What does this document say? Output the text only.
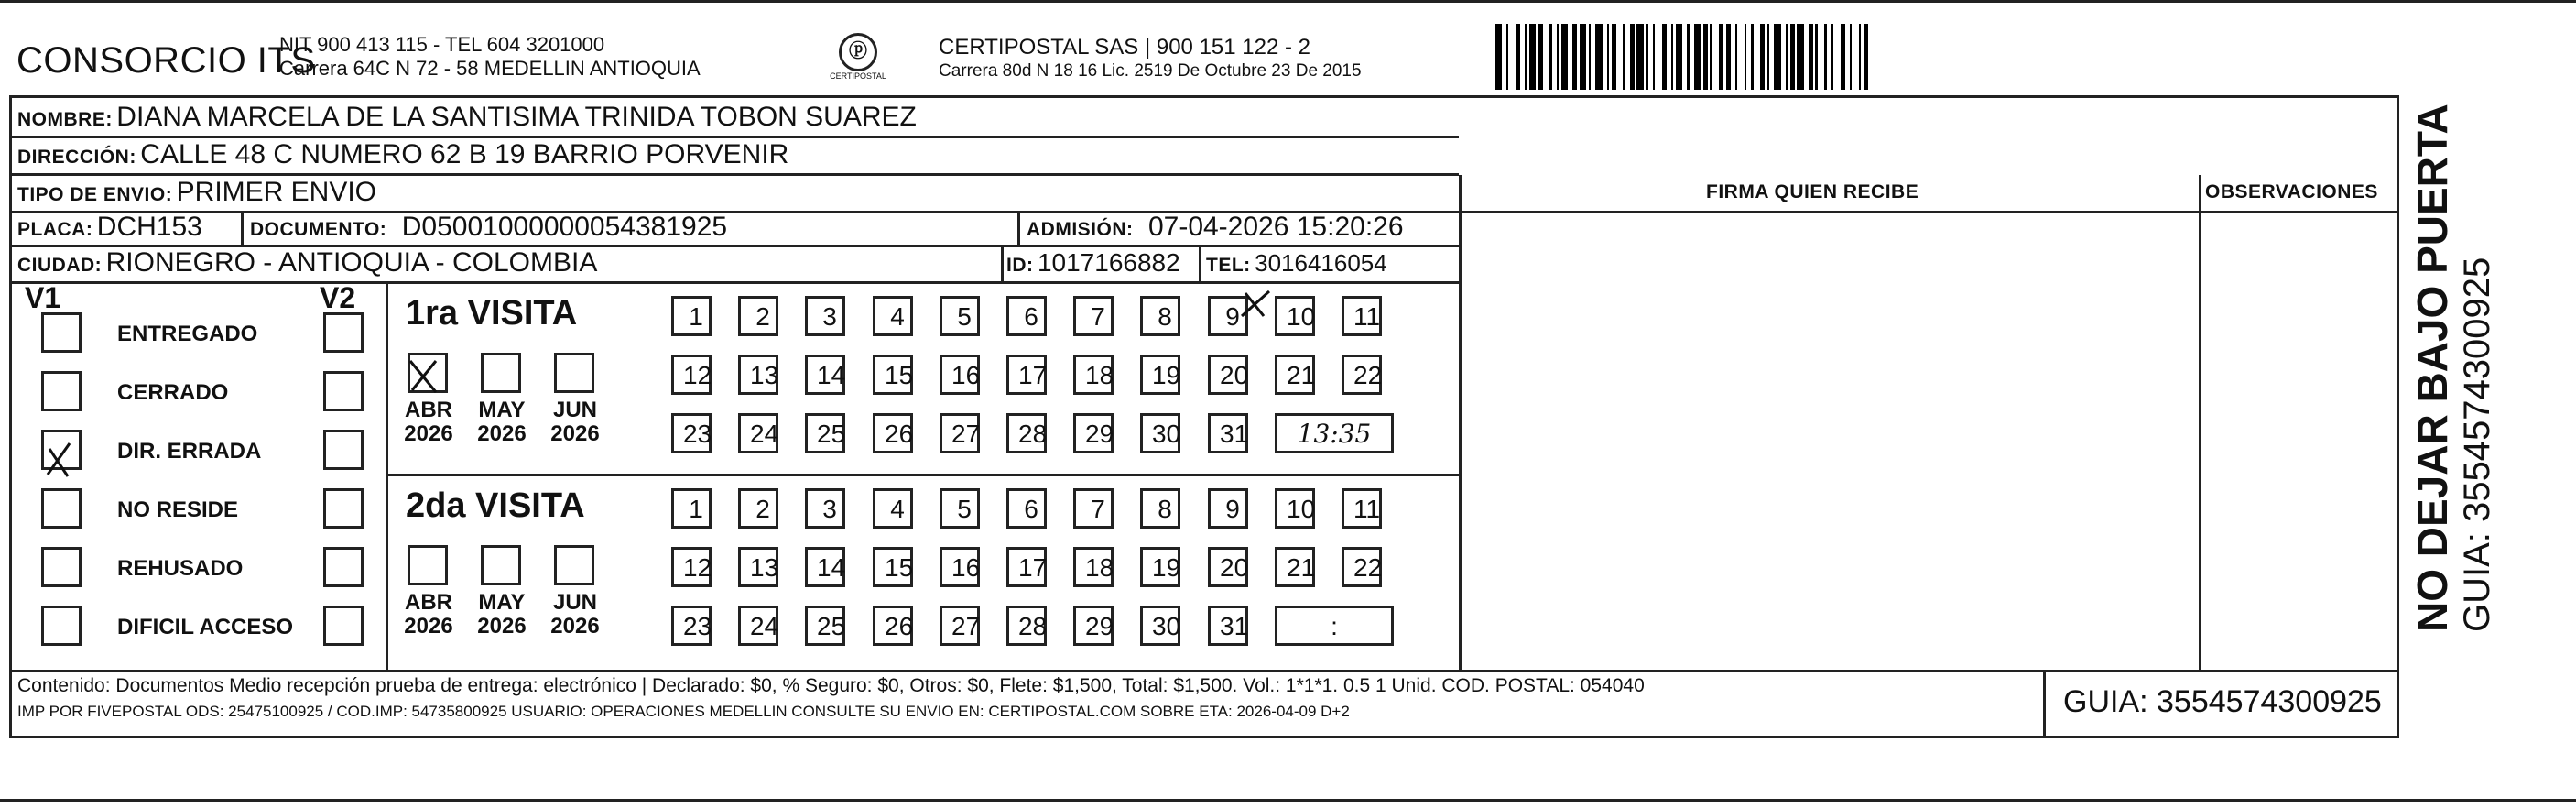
CONSORCIO ITS
NIT 900 413 115 - TEL 604 3201000
Carrera 64C N 72 - 58 MEDELLIN ANTIOQUIA
ⓟ
CERTIPOSTAL
CERTIPOSTAL SAS | 900 151 122 - 2
Carrera 80d N 18 16 Lic. 2519 De Octubre 23 De 2015
NOMBRE: DIANA MARCELA DE LA SANTISIMA TRINIDA TOBON SUAREZ
DIRECCIÓN: CALLE 48 C NUMERO 62 B 19 BARRIO PORVENIR
TIPO DE ENVIO: PRIMER ENVIO	FIRMA QUIEN RECIBE	OBSERVACIONES
PLACA: DCH153 DOCUMENTO: D05001000000054381925	ADMISIÓN: 07-04-2026 15:20:26
CIUDAD: RIONEGRO - ANTIOQUIA - COLOMBIA	ID: 1017166882 TEL: 3016416054
V1	V2
ENTREGADO
CERRADO
DIR. ERRADA
NO RESIDE
REHUSADO
DIFICIL ACCESO
1ra VISITA
ABR
2026
MAY
2026
JUN
2026
1	2	3	4	5	6	7	8	9	10	11
12	13	14	15	16	17	18	19	20	21	22
23	24	25	26	27	28	29	30	31	13:35
2da VISITA
ABR
2026
MAY
2026
JUN
2026
1	2	3	4	5	6	7	8	9	10	11
12	13	14	15	16	17	18	19	20	21	22
23	24	25	26	27	28	29	30	31	:
Contenido: Documentos Medio recepción prueba de entrega: electrónico | Declarado: $0, % Seguro: $0, Otros: $0, Flete: $1,500, Total: $1,500. Vol.: 1*1*1. 0.5 1 Unid. COD. POSTAL: 054040
IMP POR FIVEPOSTAL ODS: 25475100925 / COD.IMP: 54735800925 USUARIO: OPERACIONES MEDELLIN CONSULTE SU ENVIO EN: CERTIPOSTAL.COM SOBRE ETA: 2026-04-09 D+2	GUIA: 3554574300925
NO DEJAR BAJO PUERTA GUIA: 3554574300925
